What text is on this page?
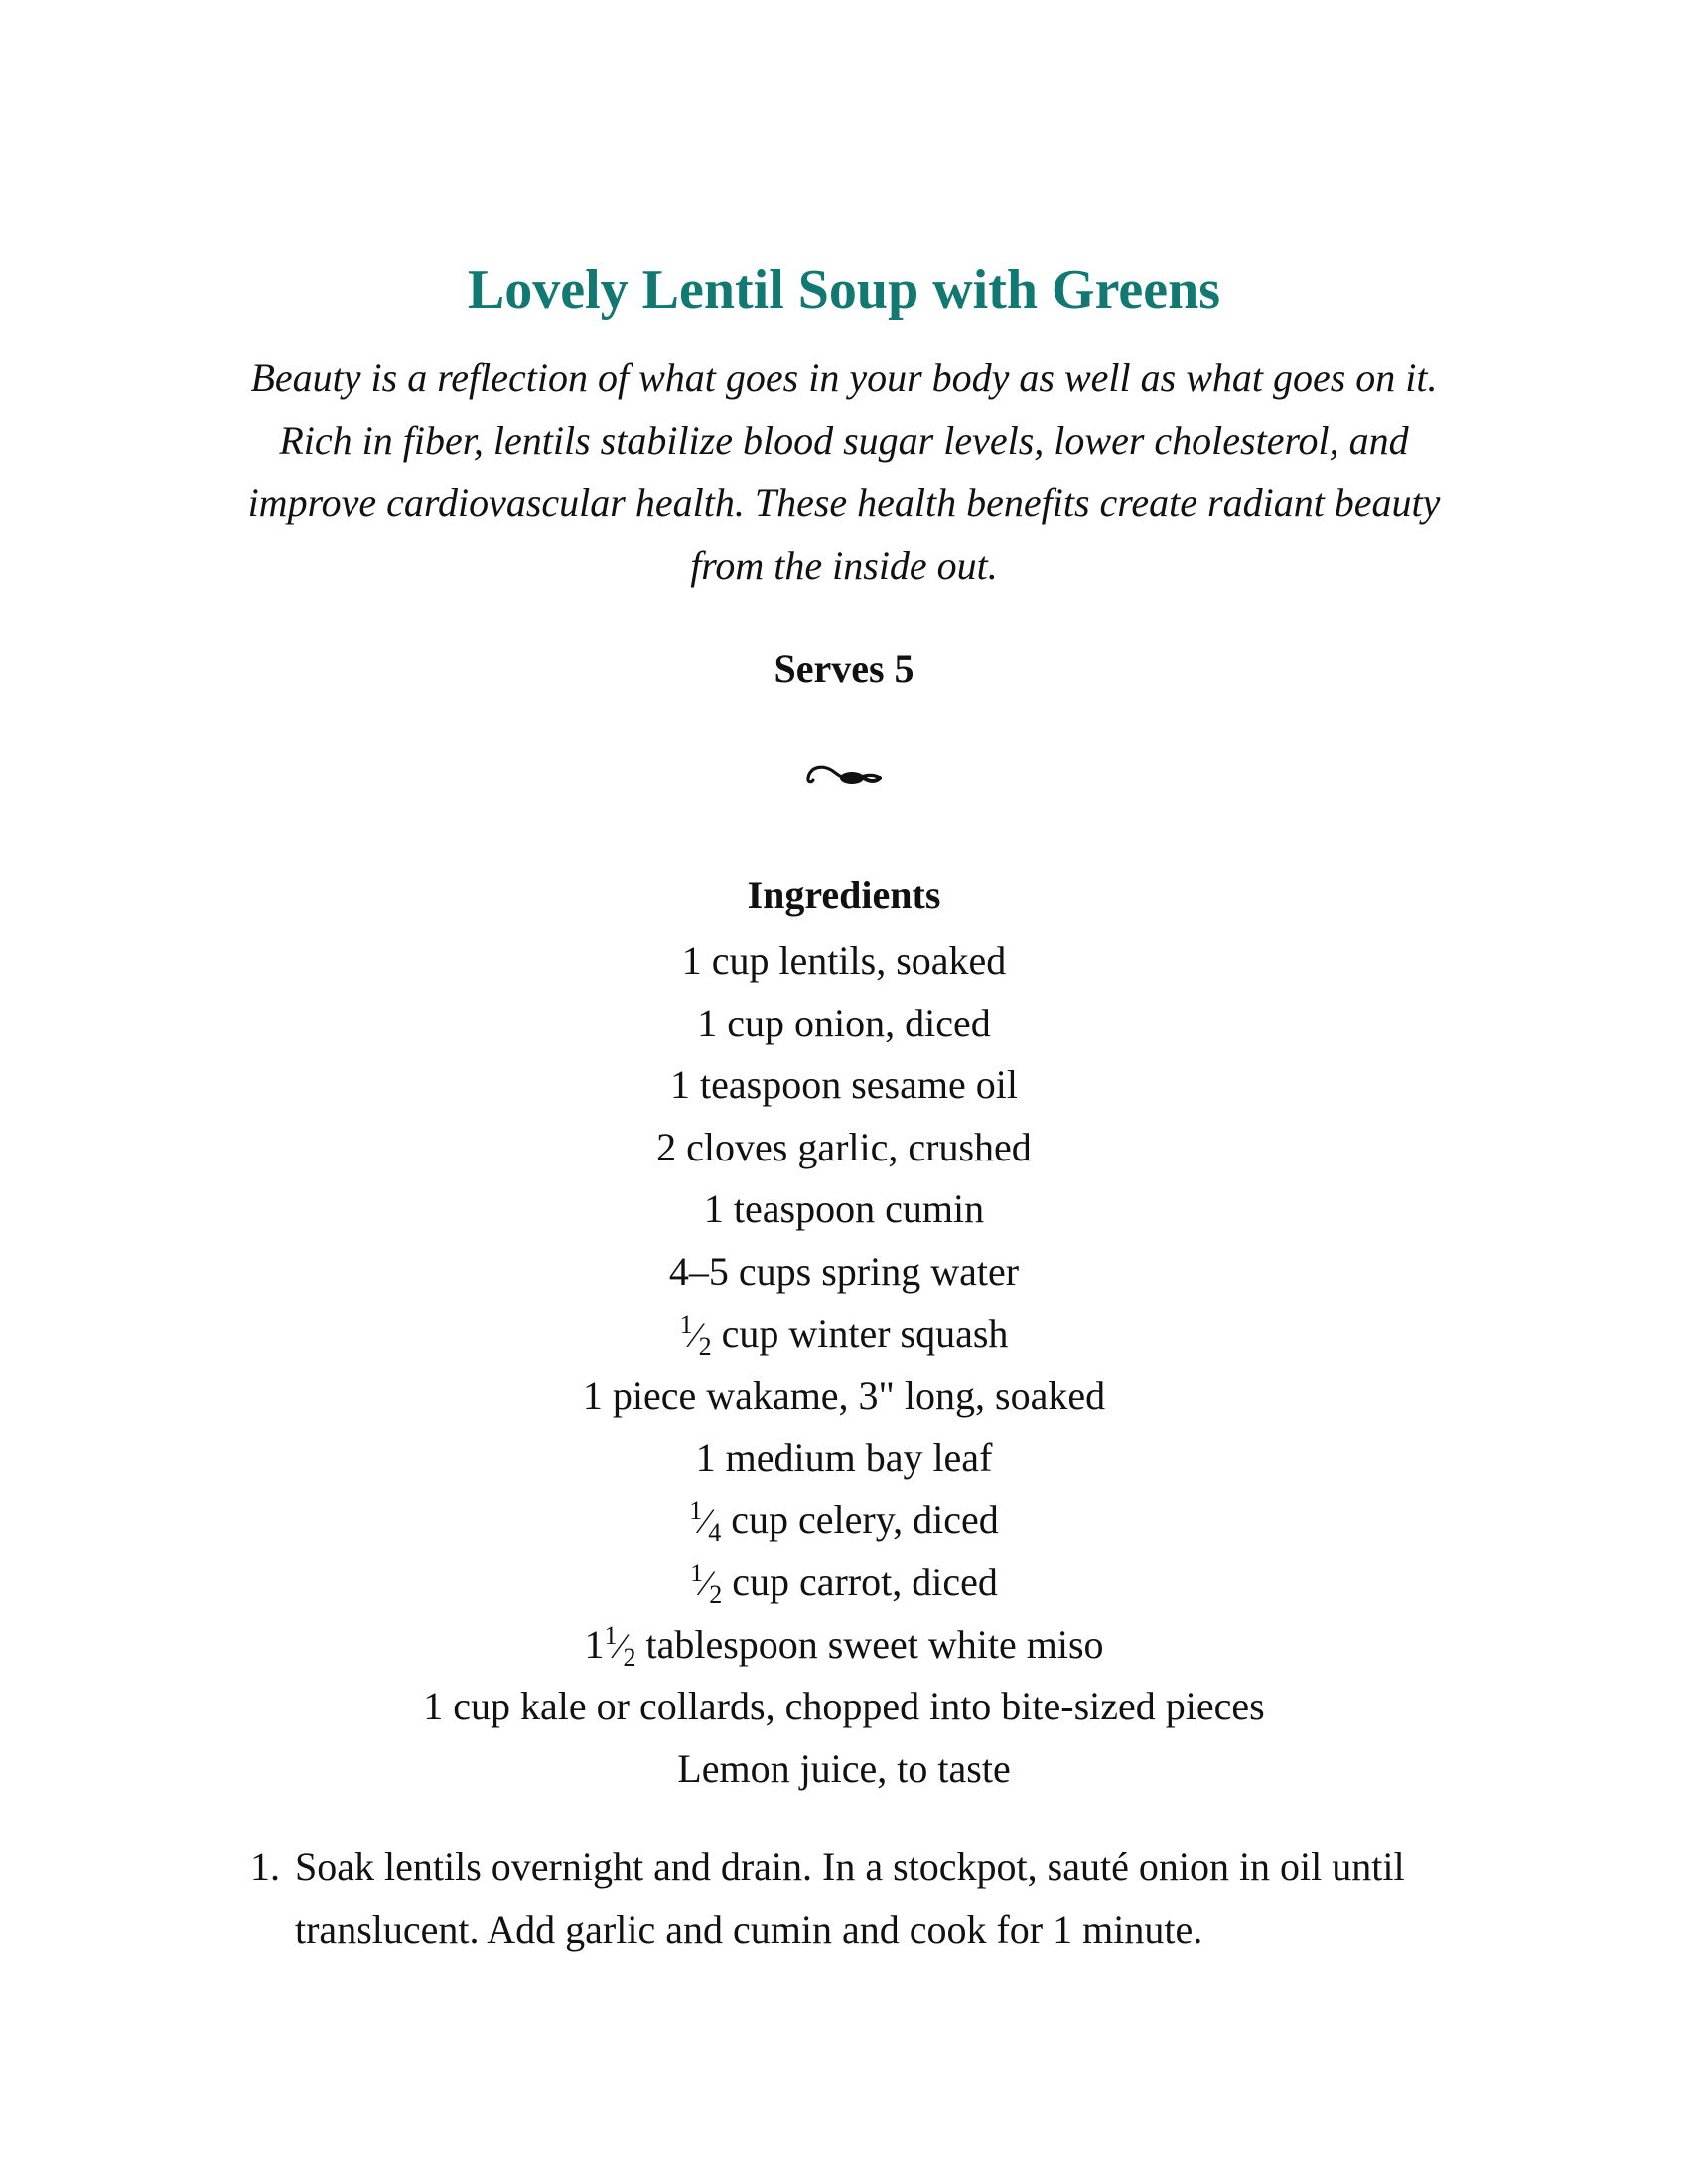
Lovely Lentil Soup with Greens

Beauty is a reflection of what goes in your body as well as what goes on it.
Rich in fiber, lentils stabilize blood sugar levels, lower cholesterol, and
improve cardiovascular health. These health benefits create radiant beauty
from the inside out.

Serves 5

Ingredients
1 cup lentils, soaked
1 cup onion, diced
1 teaspoon sesame oil
2 cloves garlic, crushed
1 teaspoon cumin
4–5 cups spring water
$^1⁄_2$ cup winter squash
1 piece wakame, 3" long, soaked
1 medium bay leaf
$^1⁄_4$ cup celery, diced
$^1⁄_2$ cup carrot, diced
$1^1⁄_2$ tablespoon sweet white miso
1 cup kale or collards, chopped into bite-sized pieces
Lemon juice, to taste
1. Soak lentils overnight and drain. In a stockpot, sauté onion in oil until
translucent. Add garlic and cumin and cook for 1 minute.
